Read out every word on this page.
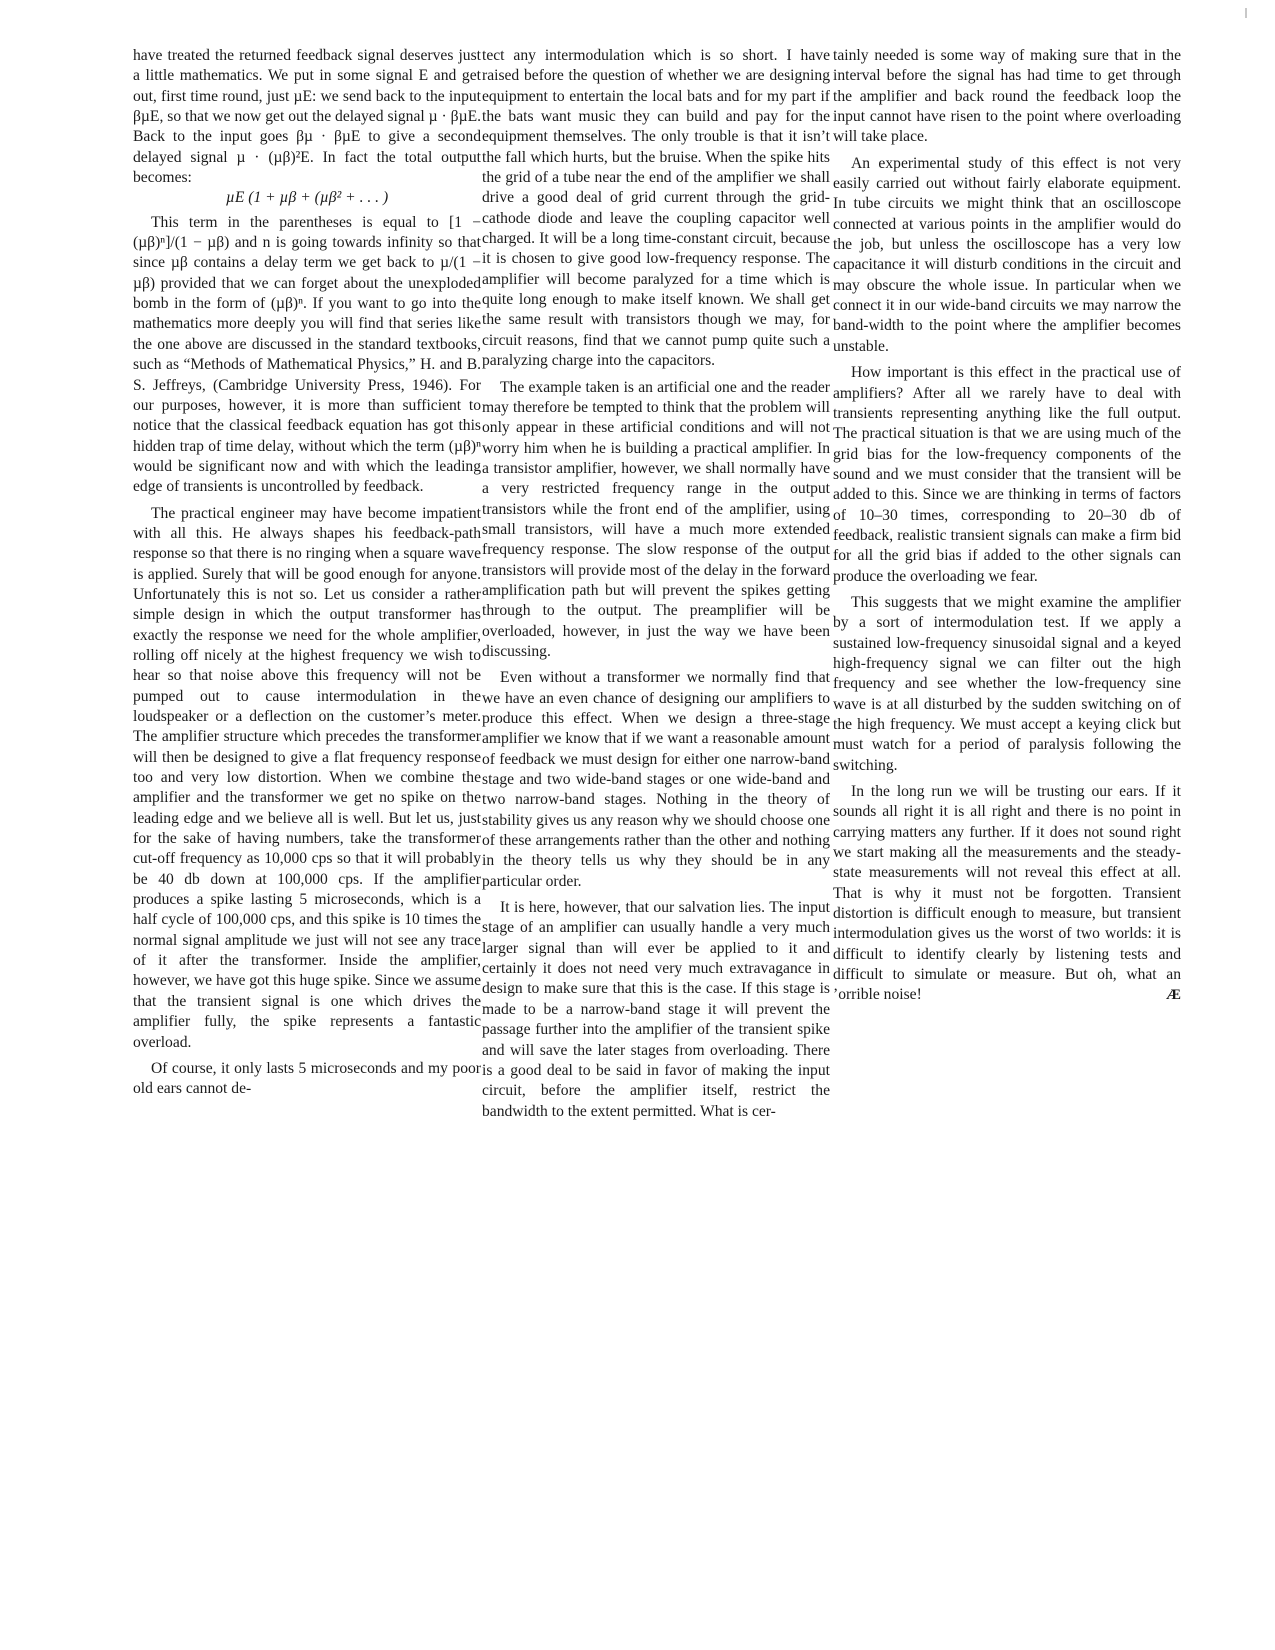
have treated the returned feedback signal deserves just a little mathematics. We put in some signal E and get out, first time round, just µE: we send back to the input βµE, so that we now get out the delayed signal µ · βµE. Back to the input goes βµ · βµE to give a second delayed signal µ · (µβ)²E. In fact the total output becomes:

µE (1 + µβ + (µβ² + . . . )

This term in the parentheses is equal to [1 − (µβ)ⁿ]/(1 − µβ) and n is going towards infinity so that since µβ contains a delay term we get back to µ/(1 − µβ) provided that we can forget about the unexploded bomb in the form of (µβ)ⁿ. If you want to go into the mathematics more deeply you will find that series like the one above are discussed in the standard textbooks, such as “Methods of Mathematical Physics,” H. and B. S. Jeffreys, (Cambridge University Press, 1946). For our purposes, however, it is more than sufficient to notice that the classical feedback equation has got this hidden trap of time delay, without which the term (µβ)ⁿ would be significant now and with which the leading edge of transients is uncontrolled by feedback.

The practical engineer may have become impatient with all this. He always shapes his feedback-path response so that there is no ringing when a square wave is applied. Surely that will be good enough for anyone. Unfortunately this is not so. Let us consider a rather simple design in which the output transformer has exactly the response we need for the whole amplifier, rolling off nicely at the highest frequency we wish to hear so that noise above this frequency will not be pumped out to cause intermodulation in the loudspeaker or a deflection on the customer’s meter. The amplifier structure which precedes the transformer will then be designed to give a flat frequency response too and very low distortion. When we combine the amplifier and the transformer we get no spike on the leading edge and we believe all is well. But let us, just for the sake of having numbers, take the transformer cut-off frequency as 10,000 cps so that it will probably be 40 db down at 100,000 cps. If the amplifier produces a spike lasting 5 microseconds, which is a half cycle of 100,000 cps, and this spike is 10 times the normal signal amplitude we just will not see any trace of it after the transformer. Inside the amplifier, however, we have got this huge spike. Since we assume that the transient signal is one which drives the amplifier fully, the spike represents a fantastic overload.

Of course, it only lasts 5 microseconds and my poor old ears cannot de-

tect any intermodulation which is so short. I have raised before the question of whether we are designing equipment to entertain the local bats and for my part if the bats want music they can build and pay for the equipment themselves. The only trouble is that it isn’t the fall which hurts, but the bruise. When the spike hits the grid of a tube near the end of the amplifier we shall drive a good deal of grid current through the grid-cathode diode and leave the coupling capacitor well charged. It will be a long time-constant circuit, because it is chosen to give good low-frequency response. The amplifier will become paralyzed for a time which is quite long enough to make itself known. We shall get the same result with transistors though we may, for circuit reasons, find that we cannot pump quite such a paralyzing charge into the capacitors.

The example taken is an artificial one and the reader may therefore be tempted to think that the problem will only appear in these artificial conditions and will not worry him when he is building a practical amplifier. In a transistor amplifier, however, we shall normally have a very restricted frequency range in the output transistors while the front end of the amplifier, using small transistors, will have a much more extended frequency response. The slow response of the output transistors will provide most of the delay in the forward amplification path but will prevent the spikes getting through to the output. The preamplifier will be overloaded, however, in just the way we have been discussing.

Even without a transformer we normally find that we have an even chance of designing our amplifiers to produce this effect. When we design a three-stage amplifier we know that if we want a reasonable amount of feedback we must design for either one narrow-band stage and two wide-band stages or one wide-band and two narrow-band stages. Nothing in the theory of stability gives us any reason why we should choose one of these arrangements rather than the other and nothing in the theory tells us why they should be in any particular order.

It is here, however, that our salvation lies. The input stage of an amplifier can usually handle a very much larger signal than will ever be applied to it and certainly it does not need very much extravagance in design to make sure that this is the case. If this stage is made to be a narrow-band stage it will prevent the passage further into the amplifier of the transient spike and will save the later stages from overloading. There is a good deal to be said in favor of making the input circuit, before the amplifier itself, restrict the bandwidth to the extent permitted. What is cer-

tainly needed is some way of making sure that in the interval before the signal has had time to get through the amplifier and back round the feedback loop the input cannot have risen to the point where overloading will take place.

An experimental study of this effect is not very easily carried out without fairly elaborate equipment. In tube circuits we might think that an oscilloscope connected at various points in the amplifier would do the job, but unless the oscilloscope has a very low capacitance it will disturb conditions in the circuit and may obscure the whole issue. In particular when we connect it in our wide-band circuits we may narrow the band-width to the point where the amplifier becomes unstable.

How important is this effect in the practical use of amplifiers? After all we rarely have to deal with transients representing anything like the full output. The practical situation is that we are using much of the grid bias for the low-frequency components of the sound and we must consider that the transient will be added to this. Since we are thinking in terms of factors of 10–30 times, corresponding to 20–30 db of feedback, realistic transient signals can make a firm bid for all the grid bias if added to the other signals can produce the overloading we fear.

This suggests that we might examine the amplifier by a sort of intermodulation test. If we apply a sustained low-frequency sinusoidal signal and a keyed high-frequency signal we can filter out the high frequency and see whether the low-frequency sine wave is at all disturbed by the sudden switching on of the high frequency. We must accept a keying click but must watch for a period of paralysis following the switching.

In the long run we will be trusting our ears. If it sounds all right it is all right and there is no point in carrying matters any further. If it does not sound right we start making all the measurements and the steady-state measurements will not reveal this effect at all. That is why it must not be forgotten. Transient distortion is difficult enough to measure, but transient intermodulation gives us the worst of two worlds: it is difficult to identify clearly by listening tests and difficult to simulate or measure. But oh, what an ’orrible noise!	Æ
